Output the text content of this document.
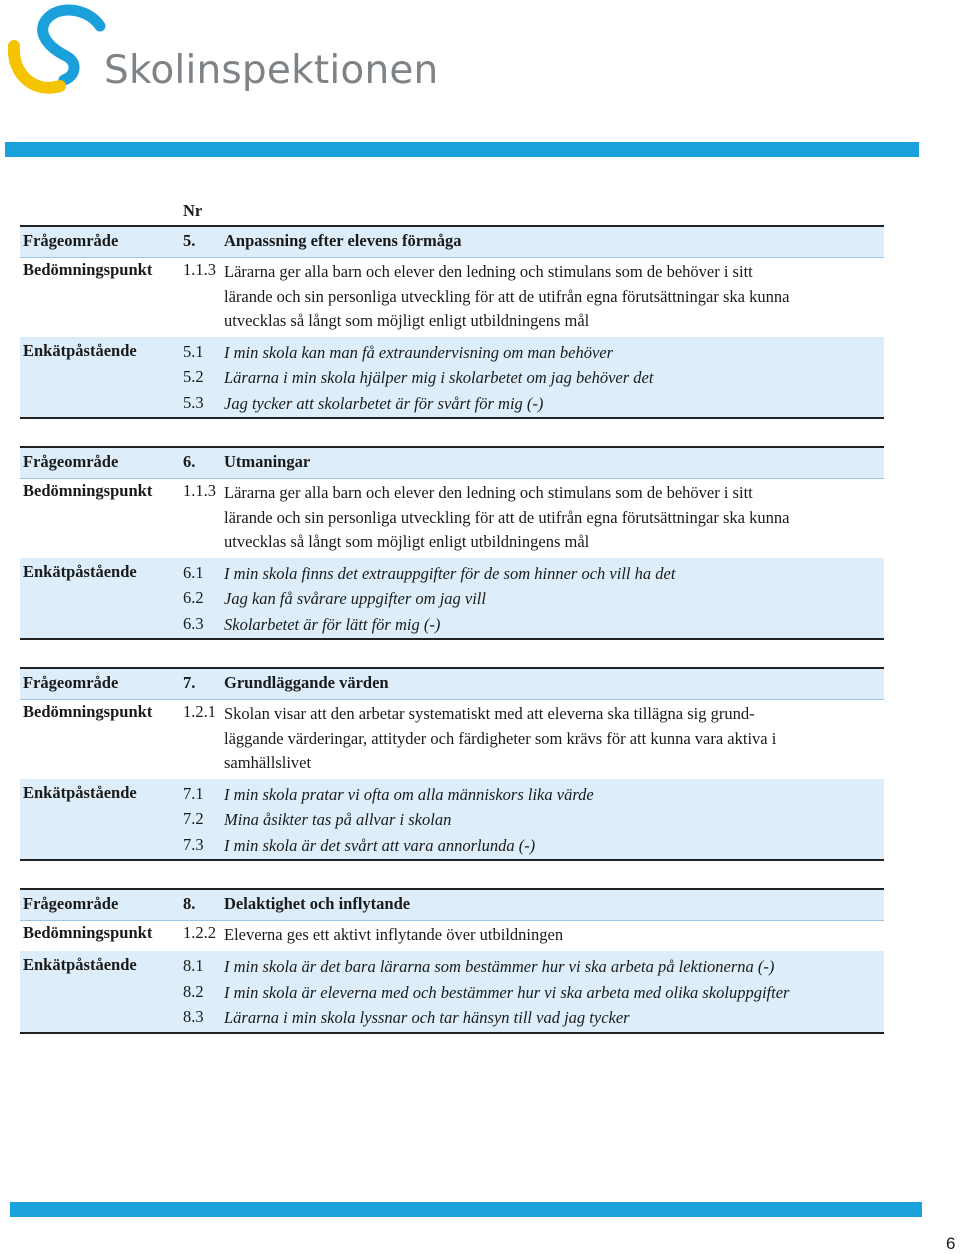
Skolinspektionen
Nr
Frågeområde	5. Anpassning efter elevens förmåga
Bedömningspunkt 1.1.3 Lärarna ger alla barn och elever den ledning och stimulans som de behöver i sitt
lärande och sin personliga utveckling för att de utifrån egna förutsättningar ska kunna
utvecklas så långt som möjligt enligt utbildningens mål
Enkätpåstående	5.1 I min skola kan man få extraundervisning om man behöver
5.2 Lärarna i min skola hjälper mig i skolarbetet om jag behöver det
5.3 Jag tycker att skolarbetet är för svårt för mig (-)
Frågeområde	6. Utmaningar
Bedömningspunkt 1.1.3 Lärarna ger alla barn och elever den ledning och stimulans som de behöver i sitt
lärande och sin personliga utveckling för att de utifrån egna förutsättningar ska kunna
utvecklas så långt som möjligt enligt utbildningens mål
Enkätpåstående	6.1 I min skola finns det extrauppgifter för de som hinner och vill ha det
6.2 Jag kan få svårare uppgifter om jag vill
6.3 Skolarbetet är för lätt för mig (-)
Frågeområde	7. Grundläggande värden
Bedömningspunkt 1.2.1 Skolan visar att den arbetar systematiskt med att eleverna ska tillägna sig grund-
läggande värderingar, attityder och färdigheter som krävs för att kunna vara aktiva i
samhällslivet
Enkätpåstående	7.1 I min skola pratar vi ofta om alla människors lika värde
7.2 Mina åsikter tas på allvar i skolan
7.3 I min skola är det svårt att vara annorlunda (-)
Frågeområde	8. Delaktighet och inflytande
Bedömningspunkt 1.2.2 Eleverna ges ett aktivt inflytande över utbildningen
Enkätpåstående	8.1 I min skola är det bara lärarna som bestämmer hur vi ska arbeta på lektionerna (-)
8.2 I min skola är eleverna med och bestämmer hur vi ska arbeta med olika skoluppgifter
8.3 Lärarna i min skola lyssnar och tar hänsyn till vad jag tycker
6
